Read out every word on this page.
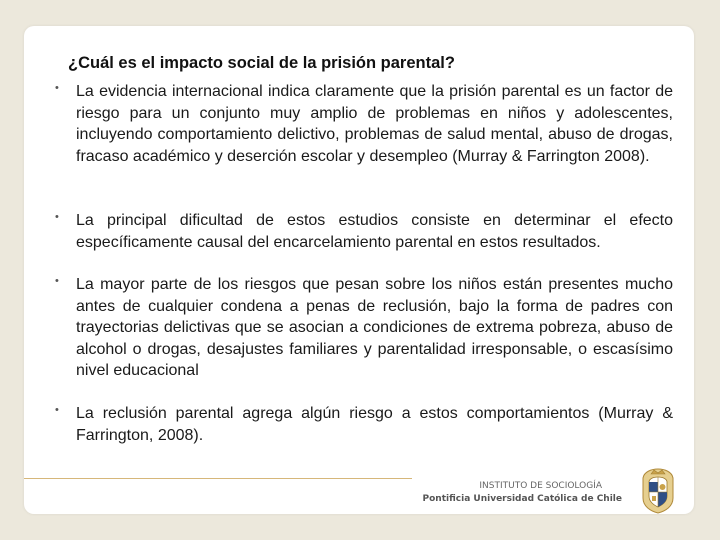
¿Cuál es el impacto social de la prisión parental?
• La evidencia internacional indica claramente que la prisión parental es un factor de riesgo para un conjunto muy amplio de problemas en niños y adolescentes, incluyendo comportamiento delictivo, problemas de salud mental, abuso de drogas, fracaso académico y deserción escolar y desempleo (Murray & Farrington 2008).
• La principal dificultad de estos estudios consiste en determinar el efecto específicamente causal del encarcelamiento parental en estos resultados.
• La mayor parte de los riesgos que pesan sobre los niños están presentes mucho antes de cualquier condena a penas de reclusión, bajo la forma de padres con trayectorias delictivas que se asocian a condiciones de extrema pobreza, abuso de alcohol o drogas, desajustes familiares y parentalidad irresponsable, o escasísimo nivel educacional
• La reclusión parental agrega algún riesgo a estos comportamientos (Murray & Farrington, 2008).
INSTITUTO DE SOCIOLOGÍA
Pontificia Universidad Católica de Chile
